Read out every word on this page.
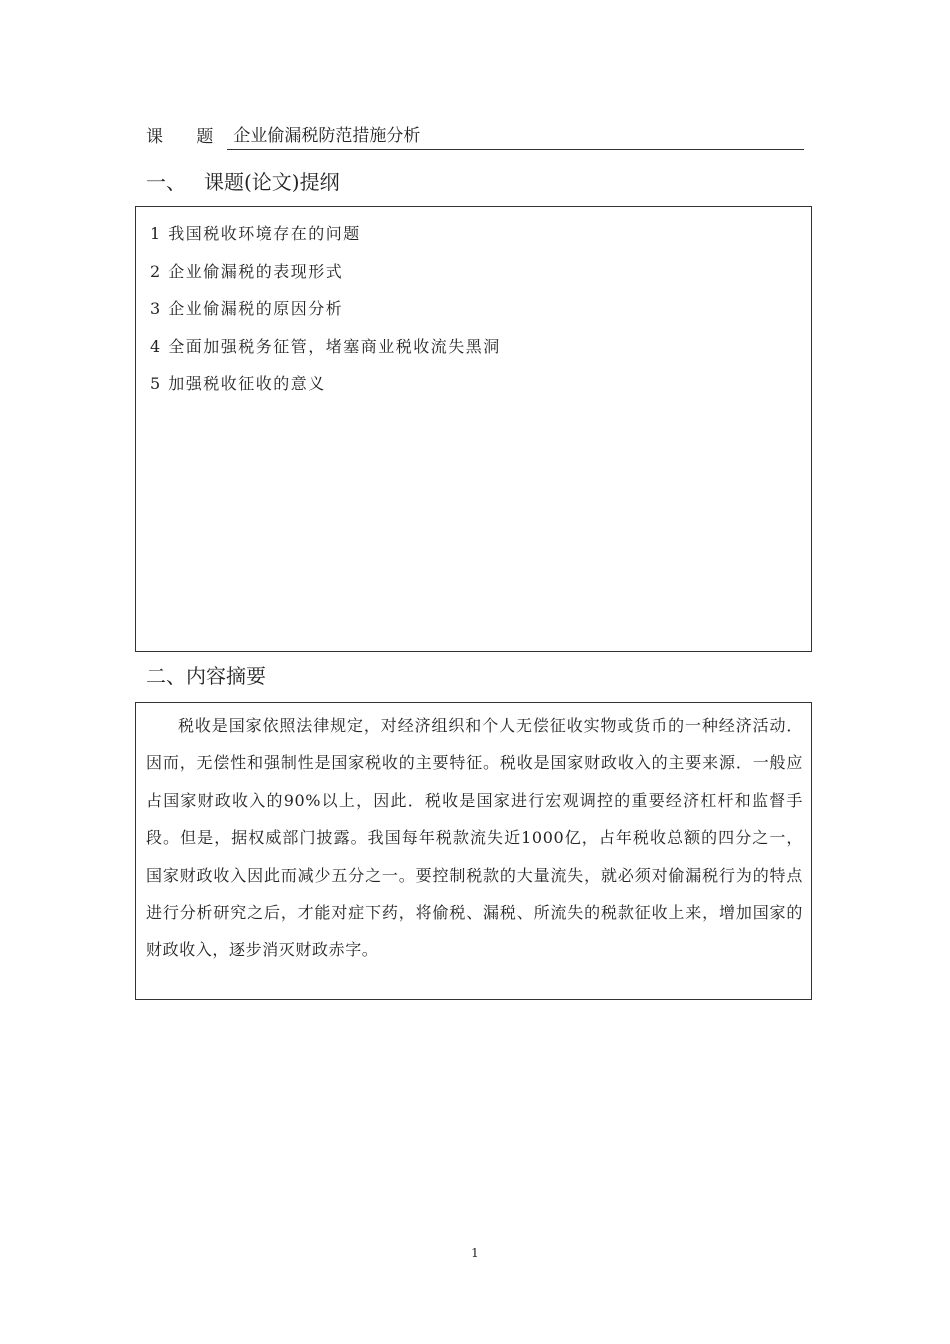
课 题 企业偷漏税防范措施分析
一、 课题(论文)提纲
1 我国税收环境存在的问题
2 企业偷漏税的表现形式
3 企业偷漏税的原因分析
4 全面加强税务征管，堵塞商业税收流失黑洞
5 加强税收征收的意义
二、内容摘要

税收是国家依照法律规定，对经济组织和个人无偿征收实物或货币的一种经济活动．因而，无偿性和强制性是国家税收的主要特征。税收是国家财政收入的主要来源．一般应占国家财政收入的90%以上，因此．税收是国家进行宏观调控的重要经济杠杆和监督手段。但是，据权威部门披露。我国每年税款流失近1000亿，占年税收总额的四分之一，国家财政收入因此而减少五分之一。要控制税款的大量流失，就必须对偷漏税行为的特点进行分析研究之后，才能对症下药，将偷税、漏税、所流失的税款征收上来，增加国家的财政收入，逐步消灭财政赤字。

1
